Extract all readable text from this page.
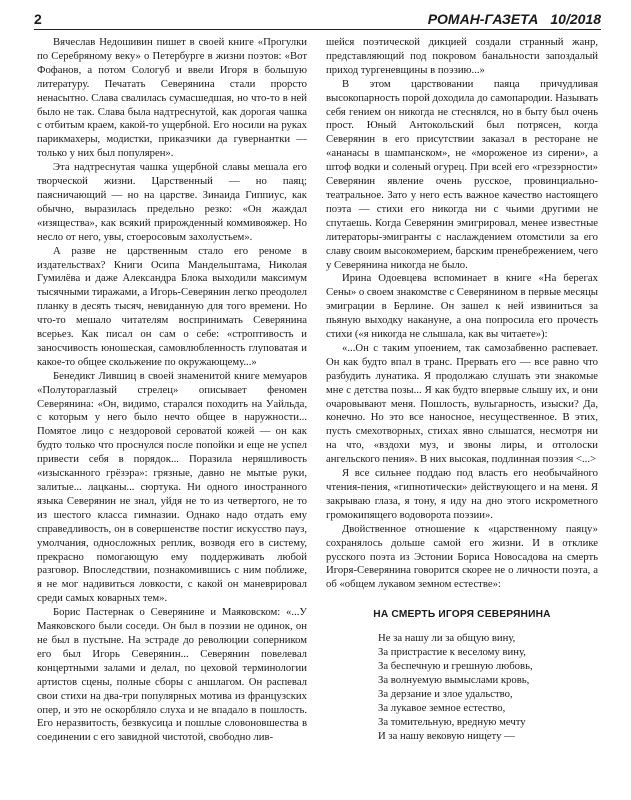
2	РОМАН-ГАЗЕТА 10/2018

Вячеслав Недошивин пишет в своей книге «Прогулки по Серебряному веку» о Петербурге в жизни поэтов: «Вот Фофанов, а потом Сологуб и ввели Игоря в большую литературу. Печатать Северянина стали прорсто ненасытно. Слава свалилась сумасшедшая, но что-то в ней было не так. Слава была надтреснутой, как дорогая чашка с отбитым краем, какой-то ущербной. Его носили на руках парикмахеры, модистки, приказчики да гувернантки — только у них был популярен».

Эта надтреснутая чашка ущербной славы мешала его творческой жизни. Царственный — но паяц; паясничающий — но на царстве. Зинаида Гиппиус, как обычно, выразилась предельно резко: «Он жаждал «изящества», как всякий прирожденный коммивояжер. Но несло от него, увы, стоеросовым захолустьем».

А разве не царственным стало его реноме в издательствах? Книги Осипа Мандельштама, Николая Гумилёва и даже Александра Блока выходили максимум тысячными тиражами, а Игорь-Северянин легко преодолел планку в десять тысяч, невиданную для того времени. Но что-то мешало читателям воспринимать Северянина всерьез. Как писал он сам о себе: «строптивость и заносчивость юношеская, самовлюбленность глуповатая и какое-то общее скольжение по окружающему...»

Бенедикт Лившиц в своей знаменитой книге мемуаров «Полутораглазый стрелец» описывает феномен Северянина: «Он, видимо, старался походить на Уайльда, с которым у него было нечто общее в наружности... Помятое лицо с нездоровой сероватой кожей — он как будто только что проснулся после попойки и еще не успел привести себя в порядок... Поразила неряшливость «изысканного грёзэра»: грязные, давно не мытые руки, залитые... лацканы... сюртука. Ни одного иностранного языка Северянин не знал, уйдя не то из четвертого, не то из шестого класса гимназии. Однако надо отдать ему справедливость, он в совершенстве постиг искусство пауз, умолчания, односложных реплик, возводя его в систему, прекрасно помогающую ему поддерживать любой разговор. Впоследствии, познакомившись с ним поближе, я не мог надивиться ловкости, с какой он маневрировал среди самых коварных тем».

Борис Пастернак о Северянине и Маяковском: «...У Маяковского были соседи. Он был в поэзии не одинок, он не был в пустыне. На эстраде до революции соперником его был Игорь Северянин... Северянин повелевал концертными залами и делал, по цеховой терминологии артистов сцены, полные сборы с аншлагом. Он распевал свои стихи на два-три популярных мотива из французских опер, и это не оскорбляло слуха и не впадало в пошлость. Его неразвитость, безвкусица и пошлые словоновшества в соединении с его завидной чистотой, свободно лив-

шейся поэтической дикцией создали странный жанр, представляющий под покровом банальности запоздалый приход тургеневщины в поэзию...»

В этом царствовании паяца причудливая высокопарность порой доходила до самопародии. Называть себя гением он никогда не стеснялся, но в быту был очень прост. Юный Антокольский был потрясен, когда Северянин в его присутствии заказал в ресторане не «ананасы в шампанском», не «мороженое из сирени», а штоф водки и соленый огурец. При всей его «грезэрности» Северянин явление очень русское, провинциально-театральное. Зато у него есть важное качество настоящего поэта — стихи его никогда ни с чьими другими не спутаешь. Когда Северянин эмигрировал, менее известные литераторы-эмигранты с наслаждением отомстили за его славу своим высокомерием, барским пренебрежением, чего у Северянина никогда не было.

Ирина Одоевцева вспоминает в книге «На берегах Сены» о своем знакомстве с Северянином в первые месяцы эмиграции в Берлине. Он зашел к ней извиниться за пьяную выходку накануне, а она попросила его прочесть стихи («я никогда не слышала, как вы читаете»):

«...Он с таким упоением, так самозабвенно распевает. Он как будто впал в транс. Прервать его — все равно что разбудить лунатика. Я продолжаю слушать эти знакомые мне с детства позы... Я как будто впервые слышу их, и они очаровывают меня. Пошлость, вульгарность, изыски? Да, конечно. Но это все наносное, несущественное. В этих, пусть смехотворных, стихах явно слышатся, несмотря ни на что, «вздохи муз, и звоны лиры, и отголоски ангельского пения». В них высокая, подлинная поэзия <...>

Я все сильнее поддаю под власть его необычайного чтения-пения, «гипнотически» действующего и на меня. Я закрываю глаза, я тону, я иду на дно этого искрометного громокипящего водоворота поэзии».

Двойственное отношение к «царственному паяцу» сохранялось дольше самой его жизни. И в отклике русского поэта из Эстонии Бориса Новосадова на смерть Игоря-Северянина говорится скорее не о личности поэта, а об «общем лукавом земном естестве»:

НА СМЕРТЬ ИГОРЯ СЕВЕРЯНИНА
Не за нашу ли за общую вину,
За пристрастие к веселому вину,
За беспечную и грешную любовь,
За волнуемую вымыслами кровь,
За дерзание и злое удальство,
За лукавое земное естество,
За томительную, вредную мечту
И за нашу вековую нищету —
